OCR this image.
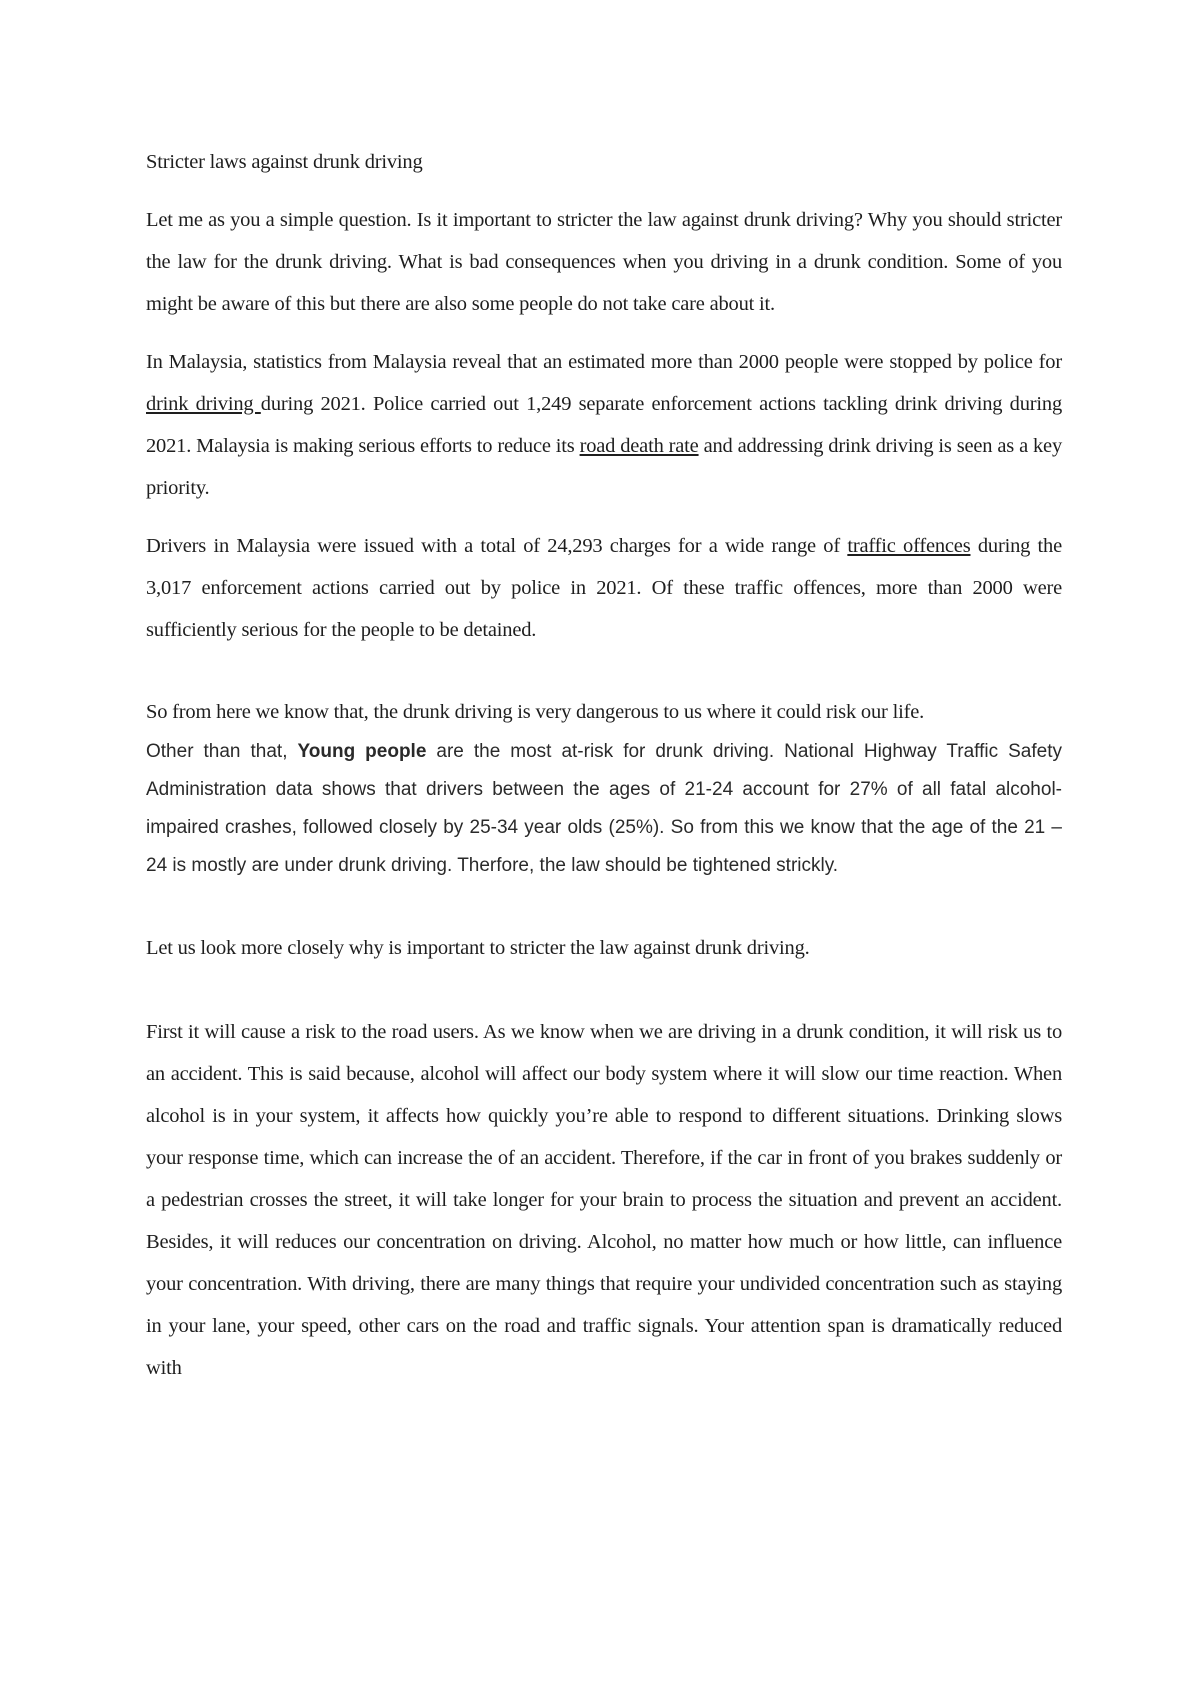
Stricter laws against drunk driving

Let me as you a simple question. Is it important to stricter the law against drunk driving? Why you should stricter the law for the drunk driving. What is bad consequences when you driving in a drunk condition. Some of you might be aware of this but there are also some people do not take care about it.

In Malaysia, statistics from Malaysia reveal that an estimated more than 2000 people were stopped by police for drink driving during 2021. Police carried out 1,249 separate enforcement actions tackling drink driving during 2021. Malaysia is making serious efforts to reduce its road death rate and addressing drink driving is seen as a key priority.

Drivers in Malaysia were issued with a total of 24,293 charges for a wide range of traffic offences during the 3,017 enforcement actions carried out by police in 2021. Of these traffic offences, more than 2000 were sufficiently serious for the people to be detained.

So from here we know that, the drunk driving is very dangerous to us where it could risk our life.

Other than that, Young people are the most at-risk for drunk driving. National Highway Traffic Safety Administration data shows that drivers between the ages of 21-24 account for 27% of all fatal alcohol-impaired crashes, followed closely by 25-34 year olds (25%). So from this we know that the age of the 21 – 24 is mostly are under drunk driving. Therfore, the law should be tightened strickly.

Let us look more closely why is important to stricter the law against drunk driving.

First it will cause a risk to the road users. As we know when we are driving in a drunk condition, it will risk us to an accident. This is said because, alcohol will affect our body system where it will slow our time reaction. When alcohol is in your system, it affects how quickly you’re able to respond to different situations. Drinking slows your response time, which can increase the of an accident. Therefore, if the car in front of you brakes suddenly or a pedestrian crosses the street, it will take longer for your brain to process the situation and prevent an accident. Besides, it will reduces our concentration on driving. Alcohol, no matter how much or how little, can influence your concentration. With driving, there are many things that require your undivided concentration such as staying in your lane, your speed, other cars on the road and traffic signals. Your attention span is dramatically reduced with
